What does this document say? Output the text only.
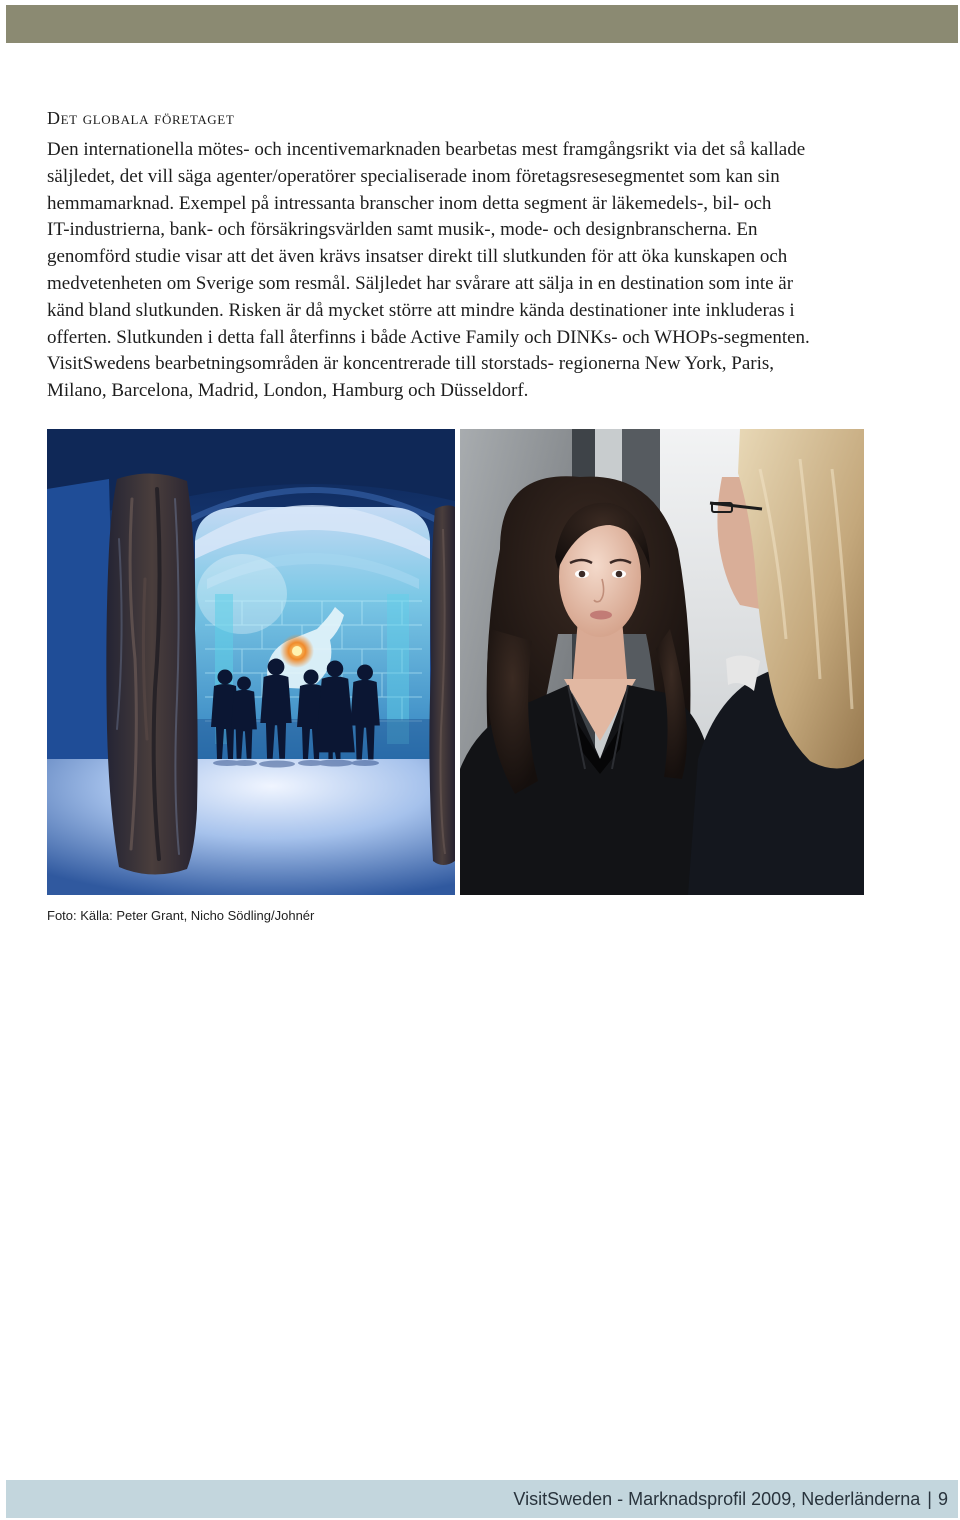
Det globala företaget
Den internationella mötes- och incentivemarknaden bearbetas mest framgångsrikt via det så kallade
säljledet, det vill säga agenter/operatörer specialiserade inom företagsresesegmentet som kan sin
hemmamarknad. Exempel på intressanta branscher inom detta segment är läkemedels-, bil- och
IT-industrierna, bank- och försäkringsvärlden samt musik-, mode- och designbranscherna. En
genomförd studie visar att det även krävs insatser direkt till slutkunden för att öka kunskapen och
medvetenheten om Sverige som resmål. Säljledet har svårare att sälja in en destination som inte är
känd bland slutkunden. Risken är då mycket större att mindre kända destinationer inte inkluderas i
offerten. Slutkunden i detta fall återfinns i både Active Family och DINKs- och WHOPs-segmenten.
VisitSwedens bearbetningsområden är koncentrerade till storstads- regionerna New York, Paris,
Milano, Barcelona, Madrid, London, Hamburg och Düsseldorf.
Foto: Källa: Peter Grant, Nicho Södling/Johnér
VisitSweden - Marknadsprofil 2009, Nederländerna | 9
